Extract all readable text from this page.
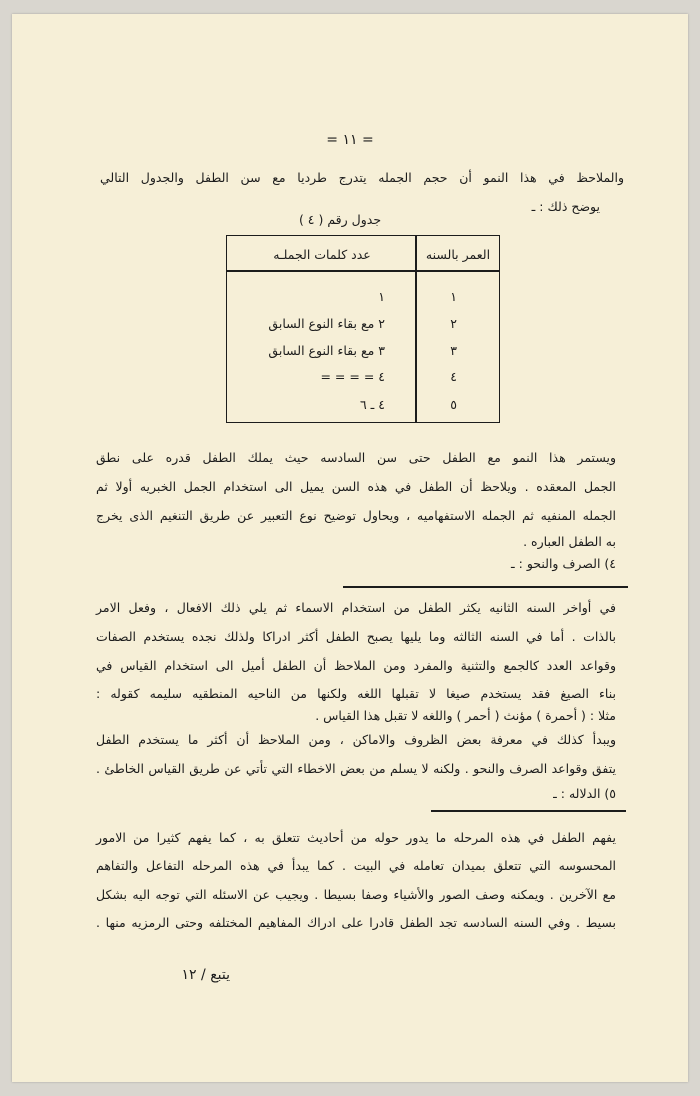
= ١١ =
والملاحظ في هذا النمو أن حجم الجمله يتدرج طرديا مع سن الطفل والجدول التالي
يوضح ذلك : ـ
جدول رقم ( ٤ )
العمر بالسنه
عدد كلمات الجملـه
١
١
٢
٢ مع بقاء النوع السابق
٣
٣ مع بقاء النوع السابق
٤
٤ = = = =
٥
٤ ـ ٦
ويستمر هذا النمو مع الطفل حتى سن السادسه حيث يملك الطفل قدره على نطق
الجمل المعقده . ويلاحظ أن الطفل في هذه السن يميل الى استخدام الجمل الخبريه أولا ثم
الجمله المنفيه ثم الجمله الاستفهاميه ، ويحاول توضيح نوع التعبير عن طريق التنغيم الذى يخرج
به الطفل العباره .
٤) الصرف والنحو : ـ
في أواخر السنه الثانيه يكثر الطفل من استخدام الاسماء ثم يلي ذلك الافعال ، وفعل الامر
بالذات . أما في السنه الثالثه وما يليها يصبح الطفل أكثر ادراكا ولذلك نجده يستخدم الصفات
وقواعد العدد كالجمع والتثنية والمفرد ومن الملاحظ أن الطفل أميل الى استخدام القياس في
بناء الصيغ فقد يستخدم صيغا لا تقبلها اللغه ولكنها من الناحيه المنطقيه سليمه كقوله :
مثلا : ( أحمرة ) مؤنث ( أحمر ) واللغه لا تقبل هذا القياس .
ويبدأ كذلك في معرفة بعض الظروف والاماكن ، ومن الملاحظ أن أكثر ما يستخدم الطفل
يتفق وقواعد الصرف والنحو . ولكنه لا يسلم من بعض الاخطاء التي تأتي عن طريق القياس الخاطئ .
٥) الدلاله : ـ
يفهم الطفل في هذه المرحله ما يدور حوله من أحاديث تتعلق به ، كما يفهم كثيرا من الامور
المحسوسه التي تتعلق بميدان تعامله في البيت . كما يبدأ في هذه المرحله التفاعل والتفاهم
مع الآخرين . ويمكنه وصف الصور والأشياء وصفا بسيطا . ويجيب عن الاسئله التي توجه اليه بشكل
بسيط . وفي السنه السادسه تجد الطفل قادرا على ادراك المفاهيم المختلفه وحتى الرمزيه منها .
يتبع / ١٢
